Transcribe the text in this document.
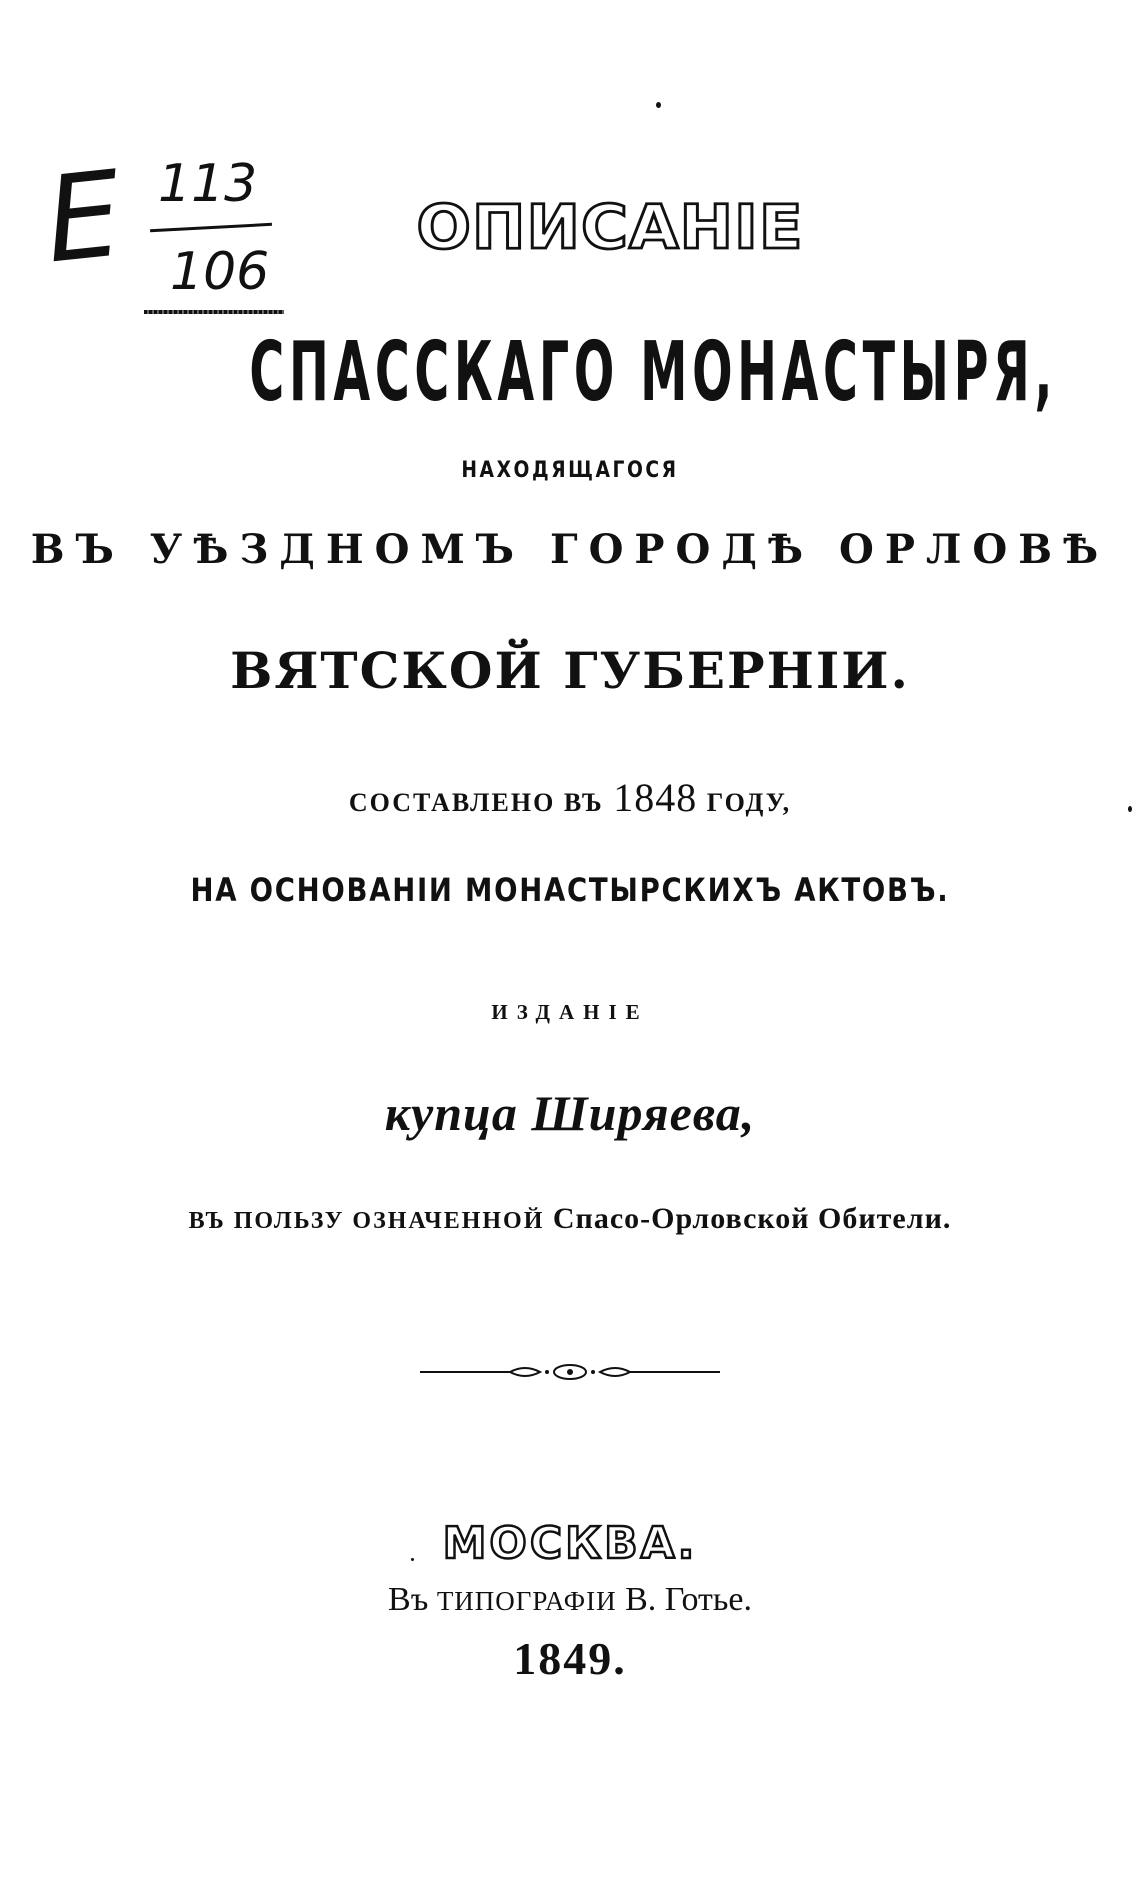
Е 113
106
ОПИСАНIЕ
СПАССКАГО МОНАСТЫРЯ,
НАХОДЯЩАГОСЯ
ВЪ УѢЗДНОМЪ ГОРОДѢ ОРЛОВѢ
ВЯТСКОЙ ГУБЕРНIИ.
СОСТАВЛЕНО ВЪ 1848 ГОДУ,
НА ОСНОВАНIИ МОНАСТЫРСКИХЪ АКТОВЪ.
ИЗДАНIЕ
купца Ширяева,
ВЪ ПОЛЬЗУ ОЗНАЧЕННОЙ Спасо-Орловской Обители.
МОСКВА.
Въ ТИПОГРАФIИ В. Готье.
1849.
